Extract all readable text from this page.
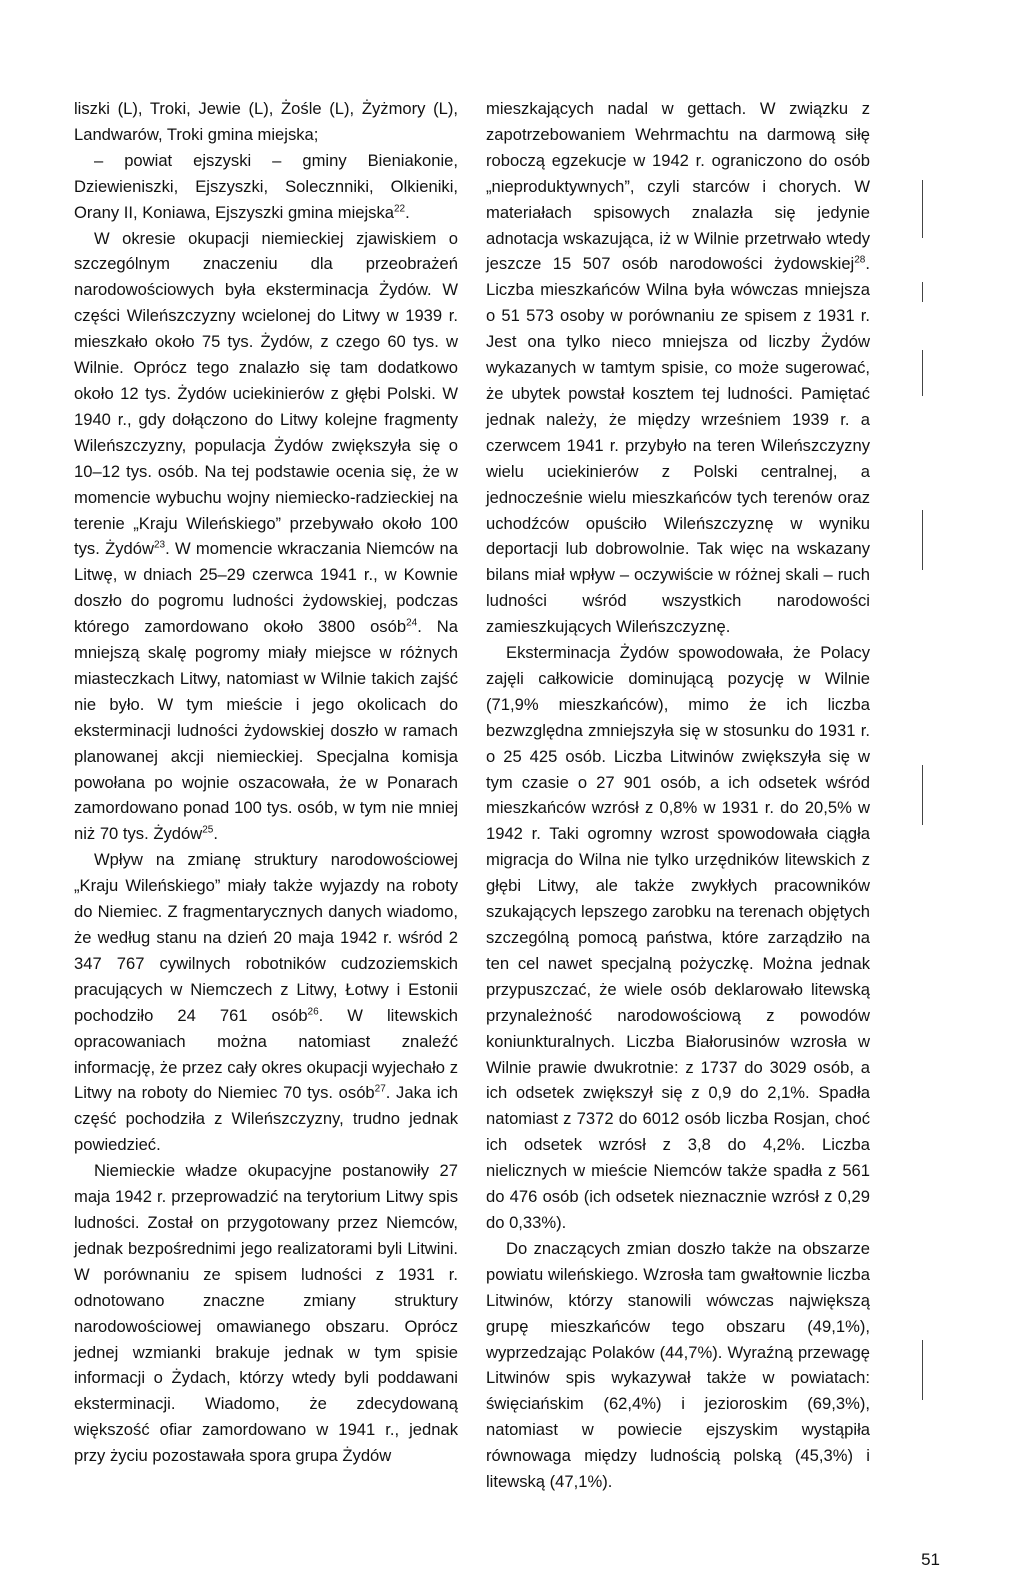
liszki (L), Troki, Jewie (L), Żośle (L), Żyżmory (L), Landwarów, Troki gmina miejska;

– powiat ejszyski – gminy Bieniakonie, Dziewieniszki, Ejszyszki, Solecznniki, Olkieniki, Orany II, Koniawa, Ejszyszki gmina miejska$^{22}$.

W okresie okupacji niemieckiej zjawiskiem o szczególnym znaczeniu dla przeobrażeń narodowościowych była eksterminacja Żydów. W części Wileńszczyzny wcielonej do Litwy w 1939 r. mieszkało około 75 tys. Żydów, z czego 60 tys. w Wilnie. Oprócz tego znalazło się tam dodatkowo około 12 tys. Żydów uciekinierów z głębi Polski. W 1940 r., gdy dołączono do Litwy kolejne fragmenty Wileńszczyzny, populacja Żydów zwiększyła się o 10–12 tys. osób. Na tej podstawie ocenia się, że w momencie wybuchu wojny niemiecko-radzieckiej na terenie „Kraju Wileńskiego” przebywało około 100 tys. Żydów$^{23}$. W momencie wkraczania Niemców na Litwę, w dniach 25–29 czerwca 1941 r., w Kownie doszło do pogromu ludności żydowskiej, podczas którego zamordowano około 3800 osób$^{24}$. Na mniejszą skalę pogromy miały miejsce w różnych miasteczkach Litwy, natomiast w Wilnie takich zajść nie było. W tym mieście i jego okolicach do eksterminacji ludności żydowskiej doszło w ramach planowanej akcji niemieckiej. Specjalna komisja powołana po wojnie oszacowała, że w Ponarach zamordowano ponad 100 tys. osób, w tym nie mniej niż 70 tys. Żydów$^{25}$.

Wpływ na zmianę struktury narodowościowej „Kraju Wileńskiego” miały także wyjazdy na roboty do Niemiec. Z fragmentarycznych danych wiadomo, że według stanu na dzień 20 maja 1942 r. wśród 2 347 767 cywilnych robotników cudzoziemskich pracujących w Niemczech z Litwy, Łotwy i Estonii pochodziło 24 761 osób$^{26}$. W litewskich opracowaniach można natomiast znaleźć informację, że przez cały okres okupacji wyjechało z Litwy na roboty do Niemiec 70 tys. osób$^{27}$. Jaka ich część pochodziła z Wileńszczyzny, trudno jednak powiedzieć.

Niemieckie władze okupacyjne postanowiły 27 maja 1942 r. przeprowadzić na terytorium Litwy spis ludności. Został on przygotowany przez Niemców, jednak bezpośrednimi jego realizatorami byli Litwini. W porównaniu ze spisem ludności z 1931 r. odnotowano znaczne zmiany struktury narodowościowej omawianego obszaru. Oprócz jednej wzmianki brakuje jednak w tym spisie informacji o Żydach, którzy wtedy byli poddawani eksterminacji. Wiadomo, że zdecydowaną większość ofiar zamordowano w 1941 r., jednak przy życiu pozostawała spora grupa Żydów

mieszkających nadal w gettach. W związku z zapotrzebowaniem Wehrmachtu na darmową siłę roboczą egzekucje w 1942 r. ograniczono do osób „nieproduktywnych”, czyli starców i chorych. W materiałach spisowych znalazła się jedynie adnotacja wskazująca, iż w Wilnie przetrwało wtedy jeszcze 15 507 osób narodowości żydowskiej$^{28}$. Liczba mieszkańców Wilna była wówczas mniejsza o 51 573 osoby w porównaniu ze spisem z 1931 r. Jest ona tylko nieco mniejsza od liczby Żydów wykazanych w tamtym spisie, co może sugerować, że ubytek powstał kosztem tej ludności. Pamiętać jednak należy, że między wrześniem 1939 r. a czerwcem 1941 r. przybyło na teren Wileńszczyzny wielu uciekinierów z Polski centralnej, a jednocześnie wielu mieszkańców tych terenów oraz uchodźców opuściło Wileńszczyznę w wyniku deportacji lub dobrowolnie. Tak więc na wskazany bilans miał wpływ – oczywiście w różnej skali – ruch ludności wśród wszystkich narodowości zamieszkujących Wileńszczyznę.

Eksterminacja Żydów spowodowała, że Polacy zajęli całkowicie dominującą pozycję w Wilnie (71,9% mieszkańców), mimo że ich liczba bezwzględna zmniejszyła się w stosunku do 1931 r. o 25 425 osób. Liczba Litwinów zwiększyła się w tym czasie o 27 901 osób, a ich odsetek wśród mieszkańców wzrósł z 0,8% w 1931 r. do 20,5% w 1942 r. Taki ogromny wzrost spowodowała ciągła migracja do Wilna nie tylko urzędników litewskich z głębi Litwy, ale także zwykłych pracowników szukających lepszego zarobku na terenach objętych szczególną pomocą państwa, które zarządziło na ten cel nawet specjalną pożyczkę. Można jednak przypuszczać, że wiele osób deklarowało litewską przynależność narodowościową z powodów koniunkturalnych. Liczba Białorusinów wzrosła w Wilnie prawie dwukrotnie: z 1737 do 3029 osób, a ich odsetek zwiększył się z 0,9 do 2,1%. Spadła natomiast z 7372 do 6012 osób liczba Rosjan, choć ich odsetek wzrósł z 3,8 do 4,2%. Liczba nielicznych w mieście Niemców także spadła z 561 do 476 osób (ich odsetek nieznacznie wzrósł z 0,29 do 0,33%).

Do znaczących zmian doszło także na obszarze powiatu wileńskiego. Wzrosła tam gwałtownie liczba Litwinów, którzy stanowili wówczas największą grupę mieszkańców tego obszaru (49,1%), wyprzedzając Polaków (44,7%). Wyraźną przewagę Litwinów spis wykazywał także w powiatach: święciańskim (62,4%) i jezioroskim (69,3%), natomiast w powiecie ejszyskim wystąpiła równowaga między ludnością polską (45,3%) i litewską (47,1%).

51
